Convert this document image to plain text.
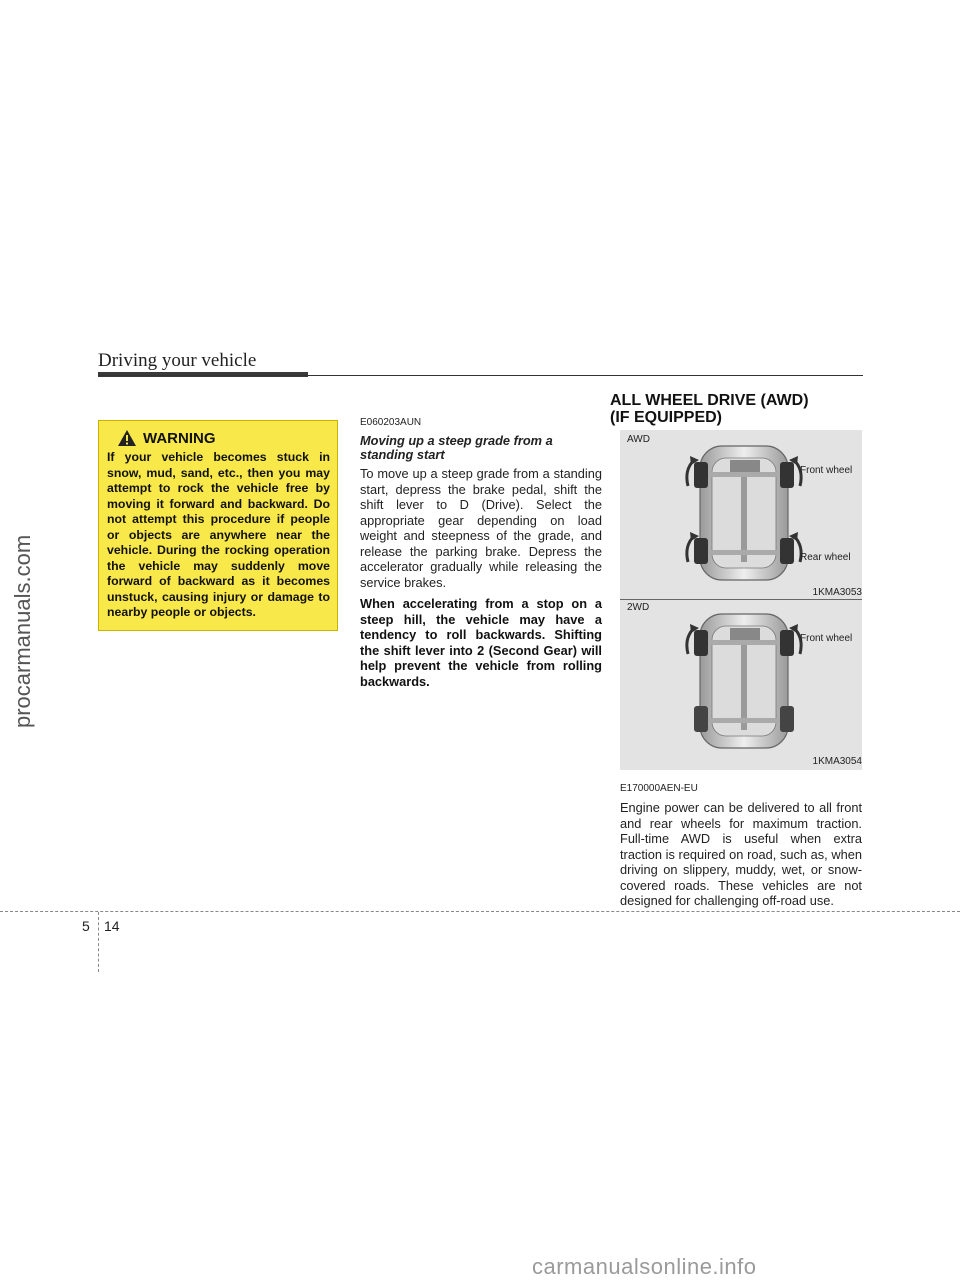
procarmanuals.com
Driving your vehicle
WARNING
If your vehicle becomes stuck in snow, mud, sand, etc., then you may attempt to rock the vehicle free by moving it forward and backward. Do not attempt this procedure if people or objects are anywhere near the vehicle. During the rocking operation the vehicle may suddenly move forward of backward as it becomes unstuck, causing injury or damage to nearby people or objects.
E060203AUN
Moving up a steep grade from a standing start
To move up a steep grade from a standing start, depress the brake pedal, shift the shift lever to D (Drive). Select the appropriate gear depending on load weight and steepness of the grade, and release the parking brake. Depress the accelerator gradually while releasing the service brakes.
When accelerating from a stop on a steep hill, the vehicle may have a tendency to roll backwards. Shifting the shift lever into 2 (Second Gear) will help prevent the vehicle from rolling backwards.
ALL WHEEL DRIVE (AWD)
(IF EQUIPPED)
AWD
Front wheel
Rear wheel
1KMA3053
2WD
Front wheel
1KMA3054
E170000AEN-EU
Engine power can be delivered to all front and rear wheels for maximum traction. Full-time AWD is useful when extra traction is required on road, such as, when driving on slippery, muddy, wet, or snow-covered roads. These vehicles are not designed for challenging off-road use.
5 14
carmanualsonline.info
